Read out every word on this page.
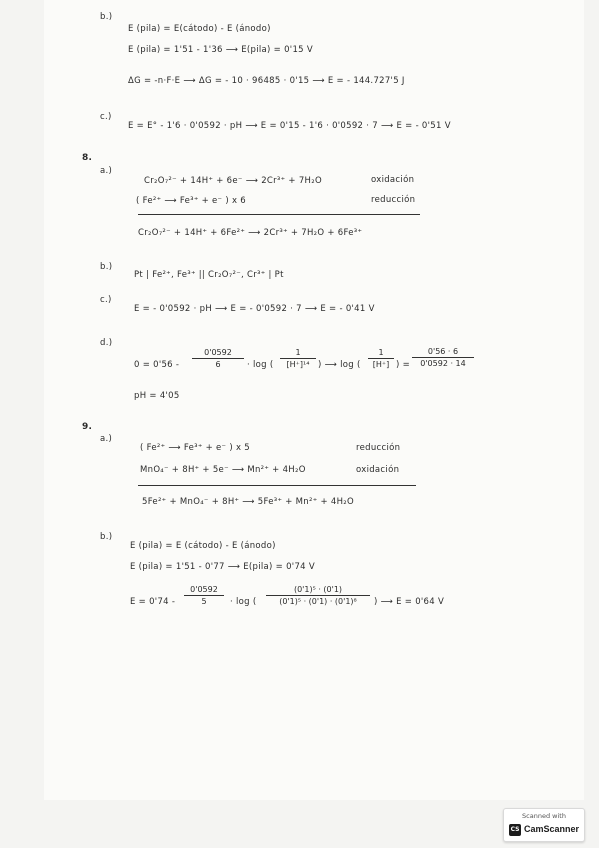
b.)
E (pila) = E(cátodo) - E (ánodo)
E (pila) = 1'51 - 1'36 ⟶ E(pila) = 0'15 V
ΔG = -n·F·E ⟶ ΔG = - 10 · 96485 · 0'15 ⟶ E = - 144.727'5 J
c.)
E = E° - 1'6 · 0'0592 · pH ⟶ E = 0'15 - 1'6 · 0'0592 · 7 ⟶ E = - 0'51 V
8.
a.)
Cr₂O₇²⁻ + 14H⁺ + 6e⁻ ⟶ 2Cr³⁺ + 7H₂O	oxidación
( Fe²⁺ ⟶ Fe³⁺ + e⁻ ) x 6	reducción
Cr₂O₇²⁻ + 14H⁺ + 6Fe²⁺ ⟶ 2Cr³⁺ + 7H₂O + 6Fe³⁺
b.)
Pt | Fe²⁺, Fe³⁺ || Cr₂O₇²⁻, Cr³⁺ | Pt
c.)
E = - 0'0592 · pH ⟶ E = - 0'0592 · 7 ⟶ E = - 0'41 V
d.)
$0 = 0'56 - \frac{0'0592}{6} \cdot \log$ ( $\frac{1}{\text{[H⁺]¹⁴}}$ ) ⟶ log ( $\frac{1}{[H^+]}$ ) = $\frac{0'56 \cdot 6}{0'0592 \cdot 14}$
pH = 4'05
9.
a.)
( Fe²⁺ ⟶ Fe³⁺ + e⁻ ) x 5	reducción
MnO₄⁻ + 8H⁺ + 5e⁻ ⟶ Mn²⁺ + 4H₂O	oxidación
5Fe²⁺ + MnO₄⁻ + 8H⁺ ⟶ 5Fe³⁺ + Mn²⁺ + 4H₂O
b.)
E (pila) = E (cátodo) - E (ánodo)
E (pila) = 1'51 - 0'77 ⟶ E(pila) = 0'74 V
$E = 0'74 - \frac{0'0592}{5} \cdot \log$ ( $\frac{\text{(0'1)⁵ · (0'1)}}{\text{(0'1)⁵ · (0'1) · (0'1)⁸}}$ ) ⟶ E = 0'64 V
Scanned with
CS CamScanner
